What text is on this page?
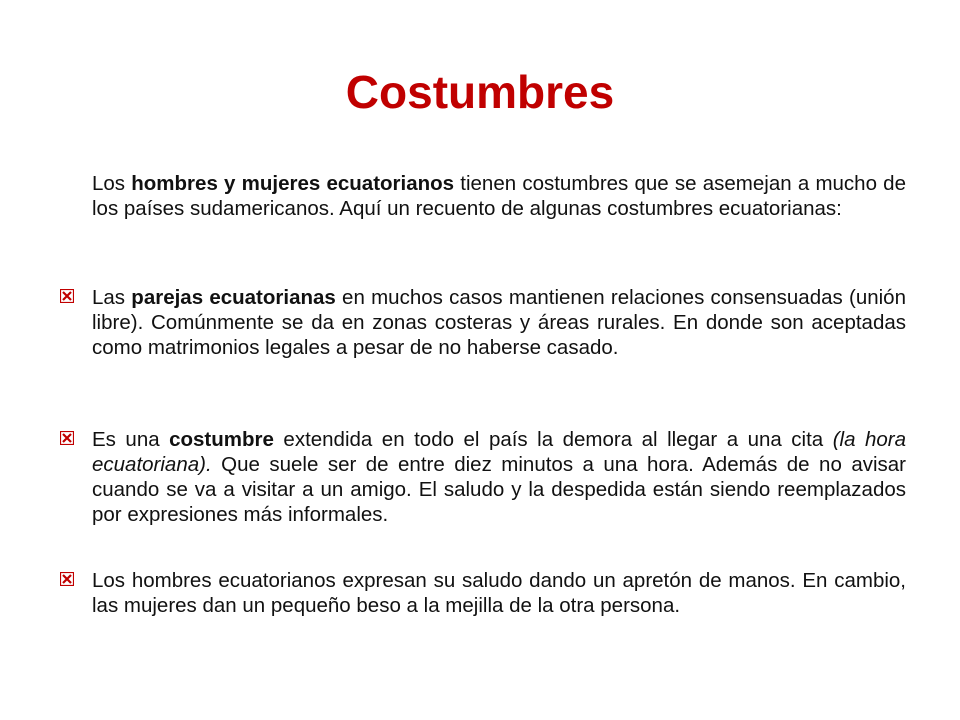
Costumbres

Los hombres y mujeres ecuatorianos tienen costumbres que se asemejan a mucho de los países sudamericanos. Aquí un recuento de algunas costumbres ecuatorianas:

Las parejas ecuatorianas en muchos casos mantienen relaciones consensuadas (unión libre). Comúnmente se da en zonas costeras y áreas rurales. En donde son aceptadas como matrimonios legales a pesar de no haberse casado.
Es una costumbre extendida en todo el país la demora al llegar a una cita (la hora ecuatoriana). Que suele ser de entre diez minutos a una hora. Además de no avisar cuando se va a visitar a un amigo. El saludo y la despedida están siendo reemplazados por expresiones más informales.
Los hombres ecuatorianos expresan su saludo dando un apretón de manos. En cambio, las mujeres dan un pequeño beso a la mejilla de la otra persona.
